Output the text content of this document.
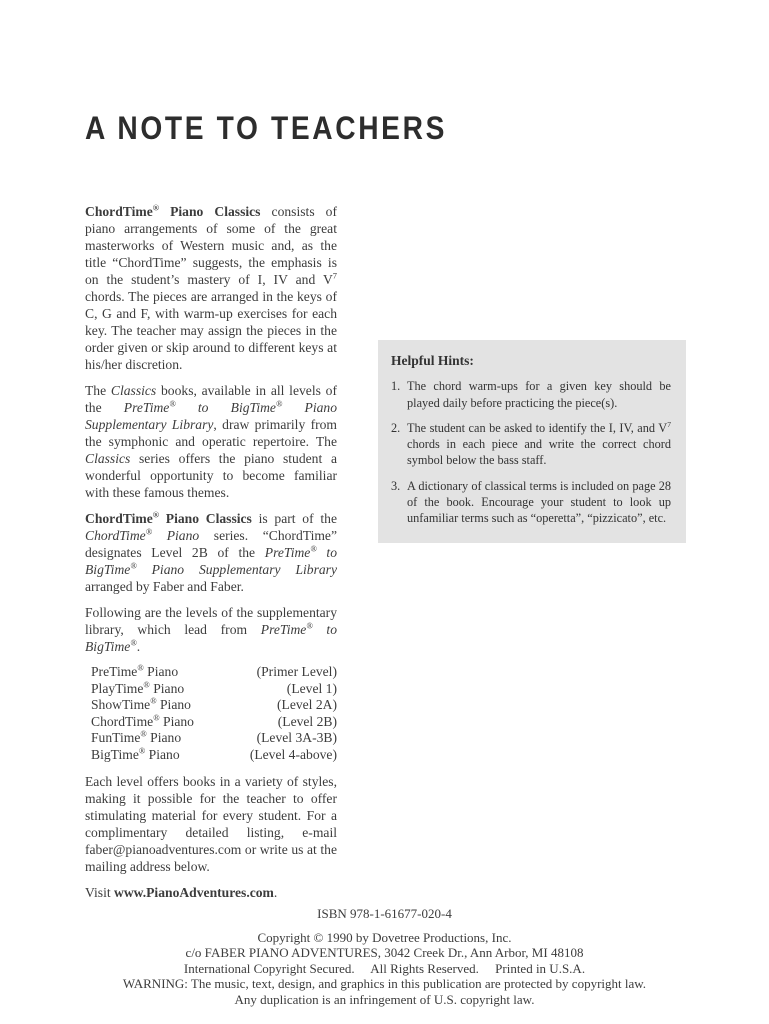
A NOTE TO TEACHERS

ChordTime® Piano Classics consists of piano arrangements of some of the great masterworks of Western music and, as the title “ChordTime” suggests, the emphasis is on the student’s mastery of I, IV and $V^7$ chords. The pieces are arranged in the keys of C, G and F, with warm-up exercises for each key. The teacher may assign the pieces in the order given or skip around to different keys at his/her discretion.

The Classics books, available in all levels of the PreTime® to BigTime® Piano Supplementary Library, draw primarily from the symphonic and operatic repertoire. The Classics series offers the piano student a wonderful opportunity to become familiar with these famous themes.

ChordTime® Piano Classics is part of the ChordTime® Piano series. “ChordTime” designates Level 2B of the PreTime® to BigTime® Piano Supplementary Library arranged by Faber and Faber.

Following are the levels of the supplementary library, which lead from PreTime® to BigTime®.

PreTime® Piano	(Primer Level)
PlayTime® Piano	(Level 1)
ShowTime® Piano	(Level 2A)
ChordTime® Piano	(Level 2B)
FunTime® Piano	(Level 3A-3B)
BigTime® Piano	(Level 4-above)

Each level offers books in a variety of styles, making it possible for the teacher to offer stimulating material for every student. For a complimentary detailed listing, e-mail faber@pianoadventures.com or write us at the mailing address below.

Visit www.PianoAdventures.com.

Helpful Hints:
1. The chord warm-ups for a given key should be played daily before practicing the piece(s).
2. The student can be asked to identify the I, IV, and $V^7$ chords in each piece and write the correct chord symbol below the bass staff.
3. A dictionary of classical terms is included on page 28 of the book. Encourage your student to look up unfamiliar terms such as “operetta”, “pizzicato”, etc.
ISBN 978-1-61677-020-4
Copyright © 1990 by Dovetree Productions, Inc.
c/o FABER PIANO ADVENTURES, 3042 Creek Dr., Ann Arbor, MI 48108
International Copyright Secured.     All Rights Reserved.     Printed in U.S.A.
WARNING: The music, text, design, and graphics in this publication are protected by copyright law.
Any duplication is an infringement of U.S. copyright law.
